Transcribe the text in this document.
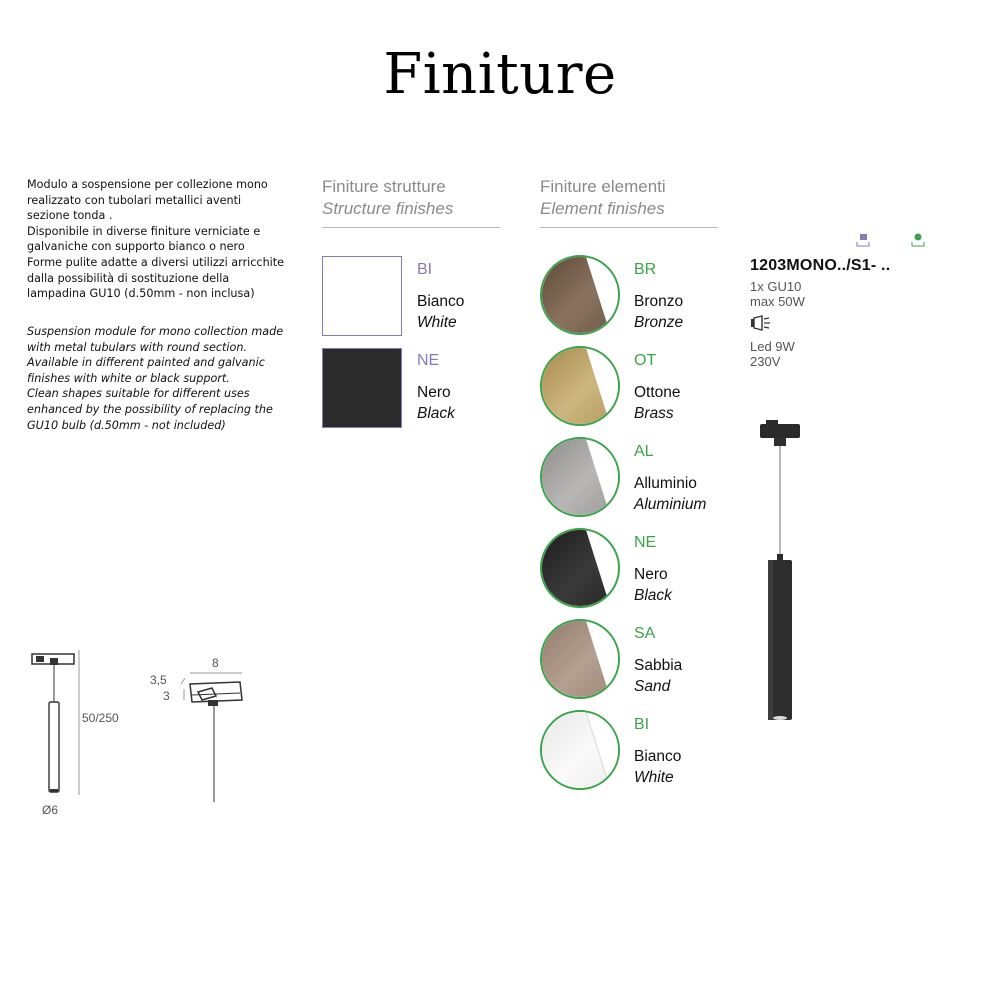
Finiture

Modulo a sospensione per collezione mono

realizzato con tubolari metallici aventi

sezione tonda .

Disponibile in diverse finiture verniciate e

galvaniche con supporto bianco o nero

Forme pulite adatte a diversi utilizzi arricchite

dalla possibilità di sostituzione della

lampadina GU10 (d.50mm - non inclusa)

Suspension module for mono collection made

with metal tubulars with round section.

Available in different painted and galvanic

finishes with white or black support.

Clean shapes suitable for different uses

enhanced by the possibility of replacing the

GU10 bulb (d.50mm - not included)

Finiture strutture
Structure finishes
BI
Bianco
White
NE
Nero
Black
Finiture elementi
Element finishes
BR
Bronzo
Bronze
OT
Ottone
Brass
AL
Alluminio
Aluminium
NE
Nero
Black
SA
Sabbia
Sand
BI
Bianco
White
1203MONO../S1- ..
1x GU10
max 50W
Led 9W
230V
50/250
Ø6
8
3,5
3
